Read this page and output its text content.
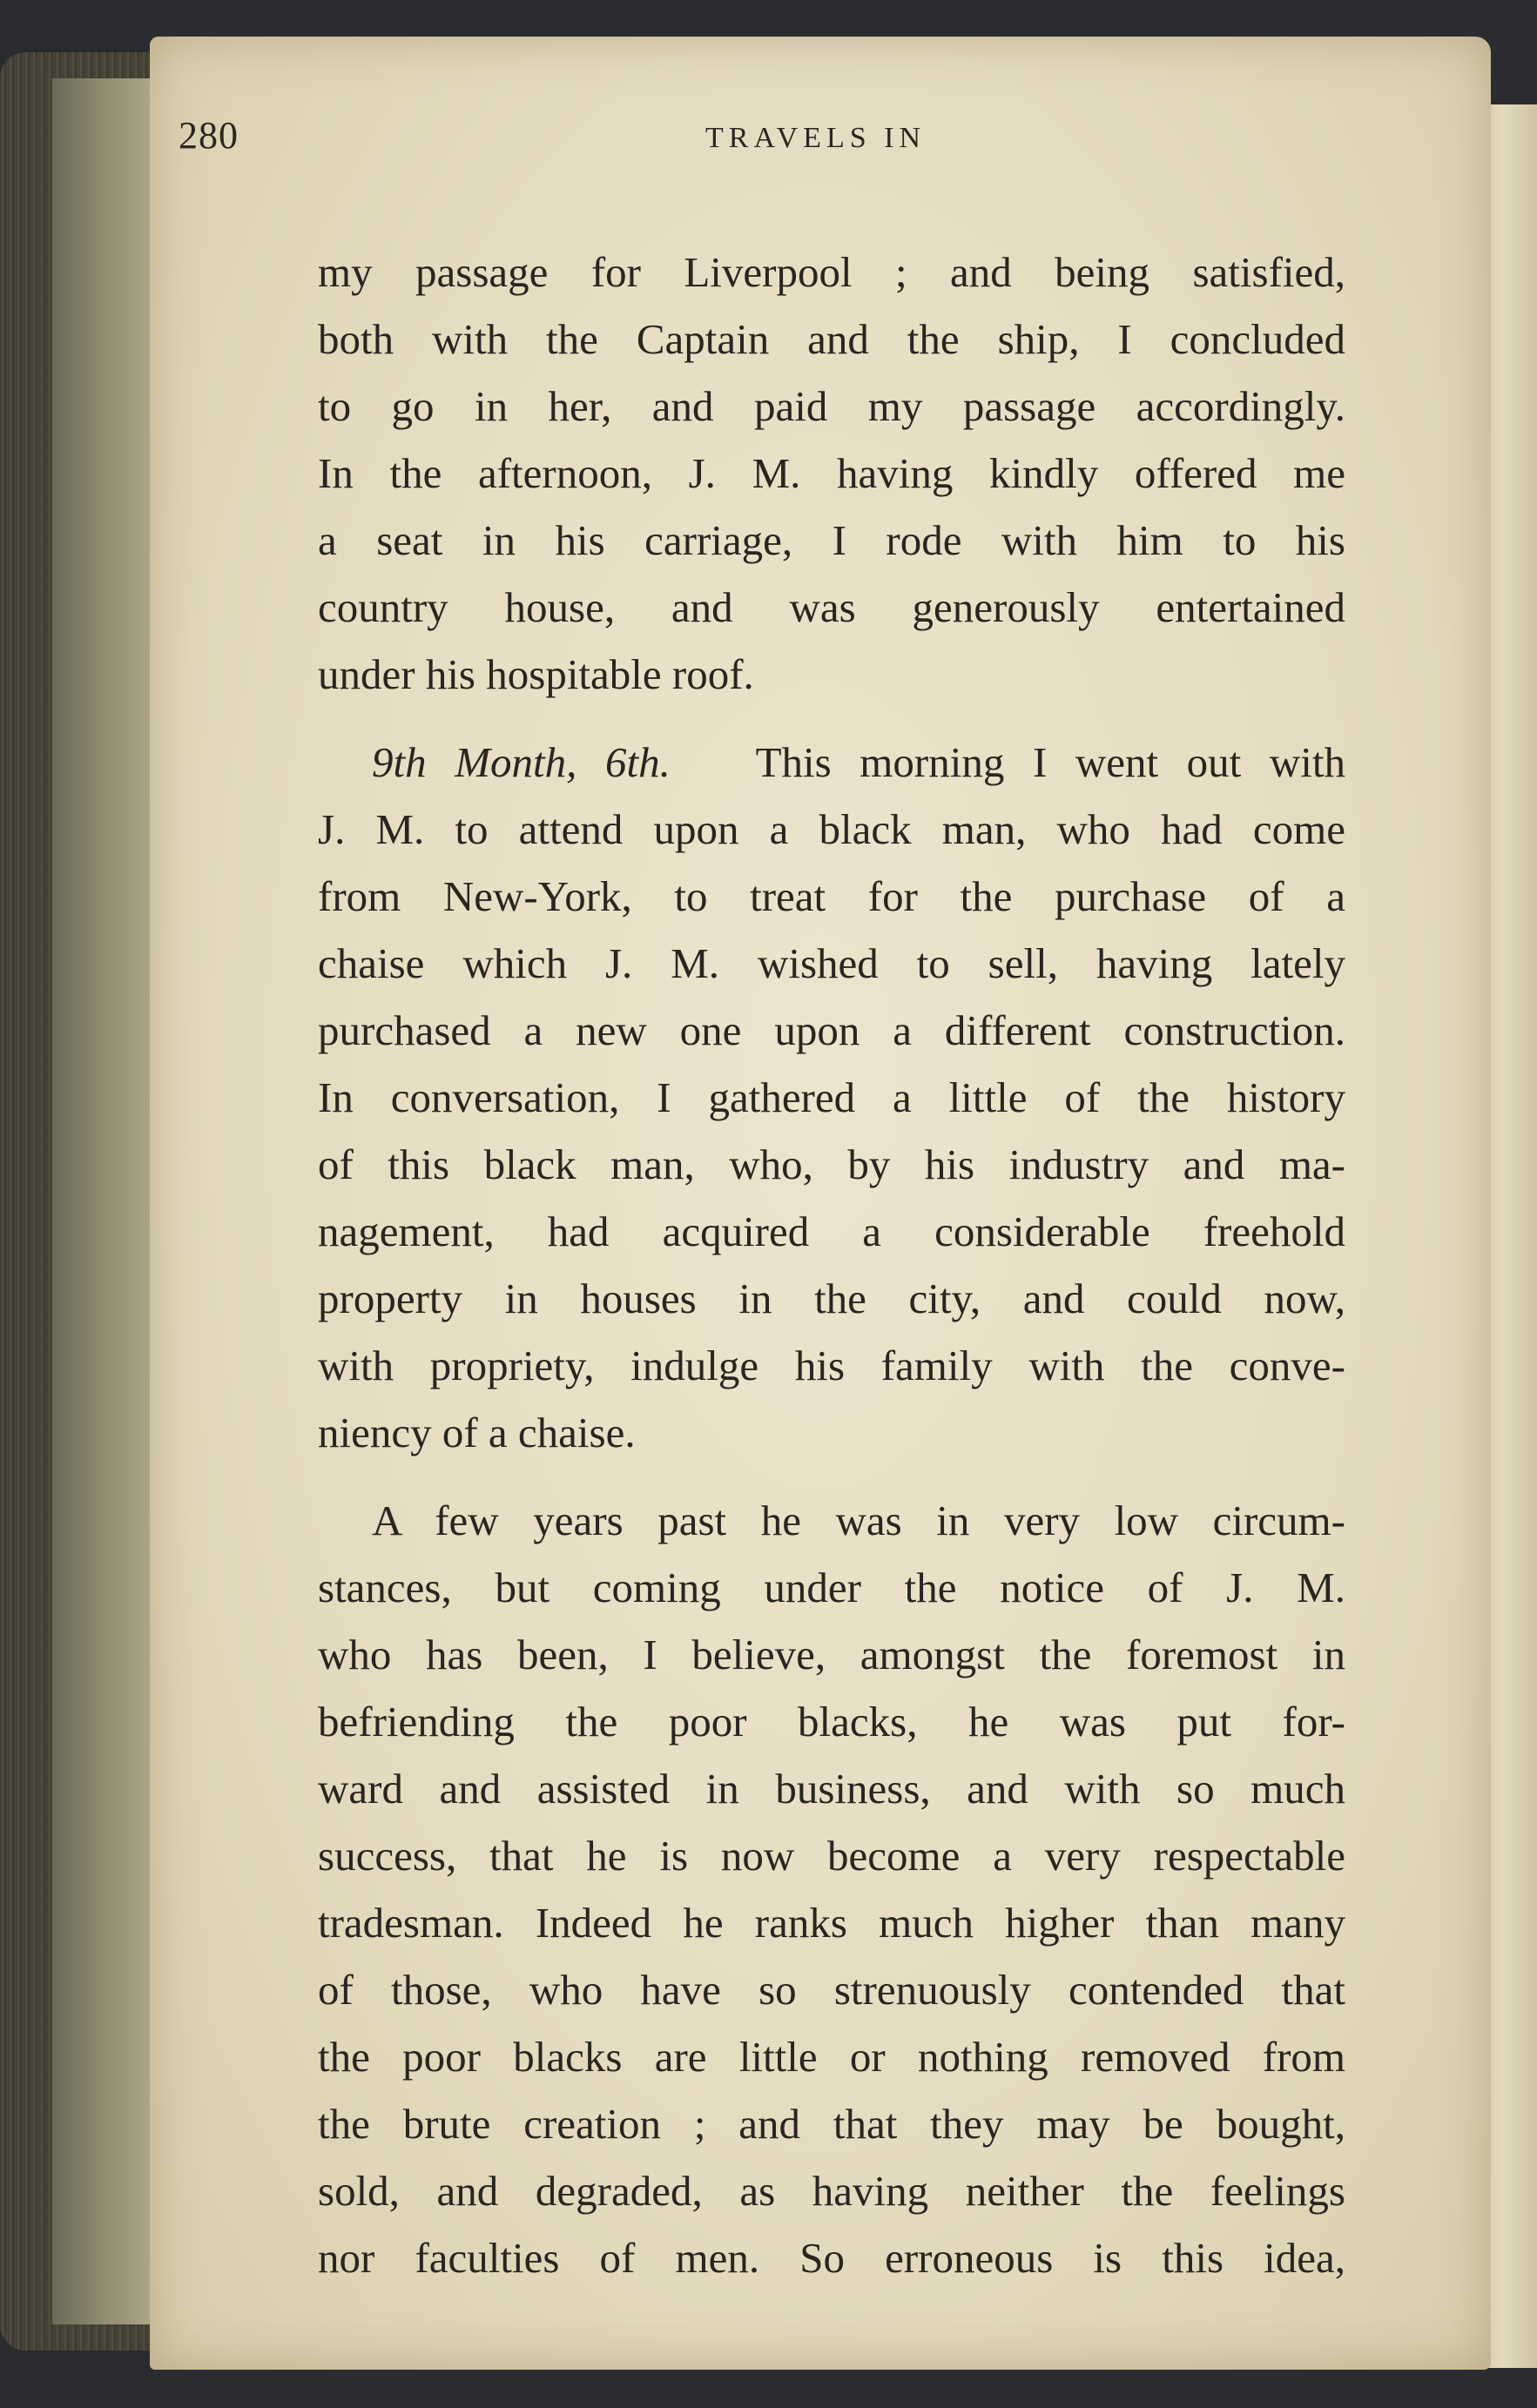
280	TRAVELS IN
my passage for Liverpool ; and being satisfied,
both with the Captain and the ship, I concluded
to go in her, and paid my passage accordingly.
In the afternoon, J. M. having kindly offered me
a seat in his carriage, I rode with him to his
country house, and was generously entertained
under his hospitable roof.
9th Month, 6th. This morning I went out with
J. M. to attend upon a black man, who had come
from New-York, to treat for the purchase of a
chaise which J. M. wished to sell, having lately
purchased a new one upon a different construction.
In conversation, I gathered a little of the history
of this black man, who, by his industry and ma-
nagement, had acquired a considerable freehold
property in houses in the city, and could now,
with propriety, indulge his family with the conve-
niency of a chaise.
A few years past he was in very low circum-
stances, but coming under the notice of J. M.
who has been, I believe, amongst the foremost in
befriending the poor blacks, he was put for-
ward and assisted in business, and with so much
success, that he is now become a very respectable
tradesman. Indeed he ranks much higher than many
of those, who have so strenuously contended that
the poor blacks are little or nothing removed from
the brute creation ; and that they may be bought,
sold, and degraded, as having neither the feelings
nor faculties of men. So erroneous is this idea,
